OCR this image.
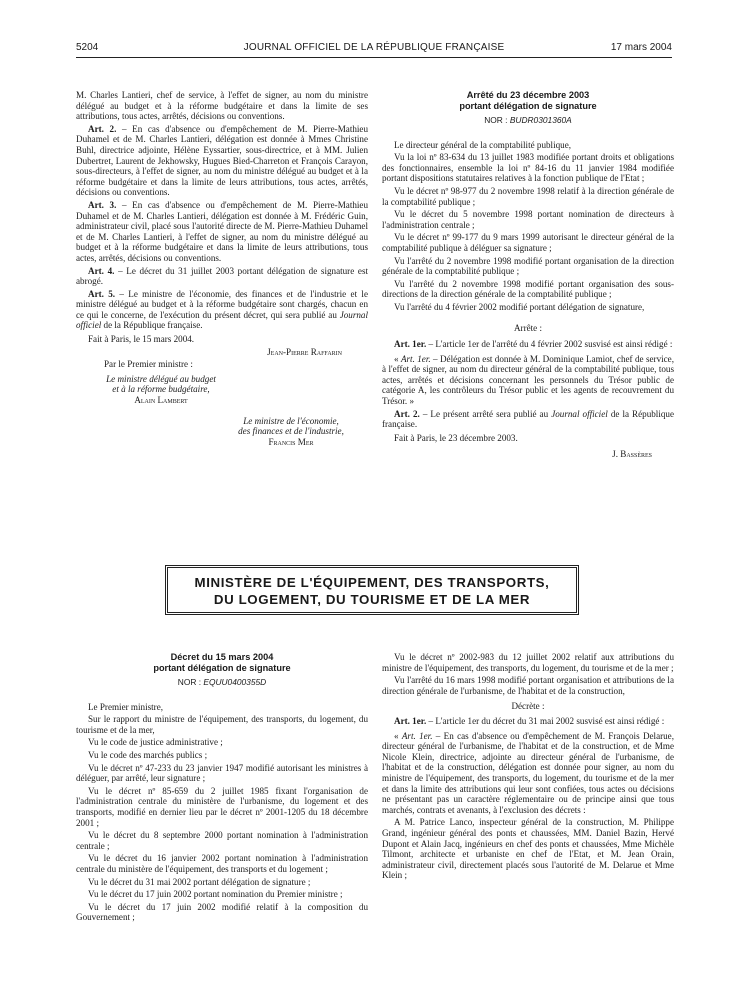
5204	JOURNAL OFFICIEL DE LA RÉPUBLIQUE FRANÇAISE	17 mars 2004

M. Charles Lantieri, chef de service, à l'effet de signer, au nom du ministre délégué au budget et à la réforme budgétaire et dans la limite de ses attributions, tous actes, arrêtés, décisions ou conventions.

Art. 2. – En cas d'absence ou d'empêchement de M. Pierre-Mathieu Duhamel et de M. Charles Lantieri, délégation est donnée à Mmes Christine Buhl, directrice adjointe, Hélène Eyssartier, sous-directrice, et à MM. Julien Dubertret, Laurent de Jekhowsky, Hugues Bied-Charreton et François Carayon, sous-directeurs, à l'effet de signer, au nom du ministre délégué au budget et à la réforme budgétaire et dans la limite de leurs attributions, tous actes, arrêtés, décisions ou conventions.

Art. 3. – En cas d'absence ou d'empêchement de M. Pierre-Mathieu Duhamel et de M. Charles Lantieri, délégation est donnée à M. Frédéric Guin, administrateur civil, placé sous l'autorité directe de M. Pierre-Mathieu Duhamel et de M. Charles Lantieri, à l'effet de signer, au nom du ministre délégué au budget et à la réforme budgétaire et dans la limite de leurs attributions, tous actes, arrêtés, décisions ou conventions.

Art. 4. – Le décret du 31 juillet 2003 portant délégation de signature est abrogé.

Art. 5. – Le ministre de l'économie, des finances et de l'industrie et le ministre délégué au budget et à la réforme budgétaire sont chargés, chacun en ce qui le concerne, de l'exécution du présent décret, qui sera publié au Journal officiel de la République française.

Fait à Paris, le 15 mars 2004.

Jean-Pierre Raffarin

Par le Premier ministre :

Le ministre délégué au budget
et à la réforme budgétaire,
Alain Lambert
Le ministre de l'économie,
des finances et de l'industrie,
Francis Mer
Arrêté du 23 décembre 2003
portant délégation de signature
NOR : BUDR0301360A

Le directeur général de la comptabilité publique,

Vu la loi nº 83-634 du 13 juillet 1983 modifiée portant droits et obligations des fonctionnaires, ensemble la loi nº 84-16 du 11 janvier 1984 modifiée portant dispositions statutaires relatives à la fonction publique de l'Etat ;

Vu le décret nº 98-977 du 2 novembre 1998 relatif à la direction générale de la comptabilité publique ;

Vu le décret du 5 novembre 1998 portant nomination de directeurs à l'administration centrale ;

Vu le décret nº 99-177 du 9 mars 1999 autorisant le directeur général de la comptabilité publique à déléguer sa signature ;

Vu l'arrêté du 2 novembre 1998 modifié portant organisation de la direction générale de la comptabilité publique ;

Vu l'arrêté du 2 novembre 1998 modifié portant organisation des sous-directions de la direction générale de la comptabilité publique ;

Vu l'arrêté du 4 février 2002 modifié portant délégation de signature,

Arrête :

Art. 1er. – L'article 1er de l'arrêté du 4 février 2002 susvisé est ainsi rédigé :

« Art. 1er. – Délégation est donnée à M. Dominique Lamiot, chef de service, à l'effet de signer, au nom du directeur général de la comptabilité publique, tous actes, arrêtés et décisions concernant les personnels du Trésor public de catégorie A, les contrôleurs du Trésor public et les agents de recouvrement du Trésor. »

Art. 2. – Le présent arrêté sera publié au Journal officiel de la République française.

Fait à Paris, le 23 décembre 2003.

J. Bassères

MINISTÈRE DE L'ÉQUIPEMENT, DES TRANSPORTS,
DU LOGEMENT, DU TOURISME ET DE LA MER
Décret du 15 mars 2004
portant délégation de signature
NOR : EQUU0400355D

Le Premier ministre,

Sur le rapport du ministre de l'équipement, des transports, du logement, du tourisme et de la mer,

Vu le code de justice administrative ;

Vu le code des marchés publics ;

Vu le décret nº 47-233 du 23 janvier 1947 modifié autorisant les ministres à déléguer, par arrêté, leur signature ;

Vu le décret nº 85-659 du 2 juillet 1985 fixant l'organisation de l'administration centrale du ministère de l'urbanisme, du logement et des transports, modifié en dernier lieu par le décret nº 2001-1205 du 18 décembre 2001 ;

Vu le décret du 8 septembre 2000 portant nomination à l'administration centrale ;

Vu le décret du 16 janvier 2002 portant nomination à l'administration centrale du ministère de l'équipement, des transports et du logement ;

Vu le décret du 31 mai 2002 portant délégation de signature ;

Vu le décret du 17 juin 2002 portant nomination du Premier ministre ;

Vu le décret du 17 juin 2002 modifié relatif à la composition du Gouvernement ;

Vu le décret nº 2002-983 du 12 juillet 2002 relatif aux attributions du ministre de l'équipement, des transports, du logement, du tourisme et de la mer ;

Vu l'arrêté du 16 mars 1998 modifié portant organisation et attributions de la direction générale de l'urbanisme, de l'habitat et de la construction,

Décrète :

Art. 1er. – L'article 1er du décret du 31 mai 2002 susvisé est ainsi rédigé :

« Art. 1er. – En cas d'absence ou d'empêchement de M. François Delarue, directeur général de l'urbanisme, de l'habitat et de la construction, et de Mme Nicole Klein, directrice, adjointe au directeur général de l'urbanisme, de l'habitat et de la construction, délégation est donnée pour signer, au nom du ministre de l'équipement, des transports, du logement, du tourisme et de la mer et dans la limite des attributions qui leur sont confiées, tous actes ou décisions ne présentant pas un caractère réglementaire ou de principe ainsi que tous marchés, contrats et avenants, à l'exclusion des décrets :

A M. Patrice Lanco, inspecteur général de la construction, M. Philippe Grand, ingénieur général des ponts et chaussées, MM. Daniel Bazin, Hervé Dupont et Alain Jacq, ingénieurs en chef des ponts et chaussées, Mme Michèle Tilmont, architecte et urbaniste en chef de l'Etat, et M. Jean Orain, administrateur civil, directement placés sous l'autorité de M. Delarue et Mme Klein ;
